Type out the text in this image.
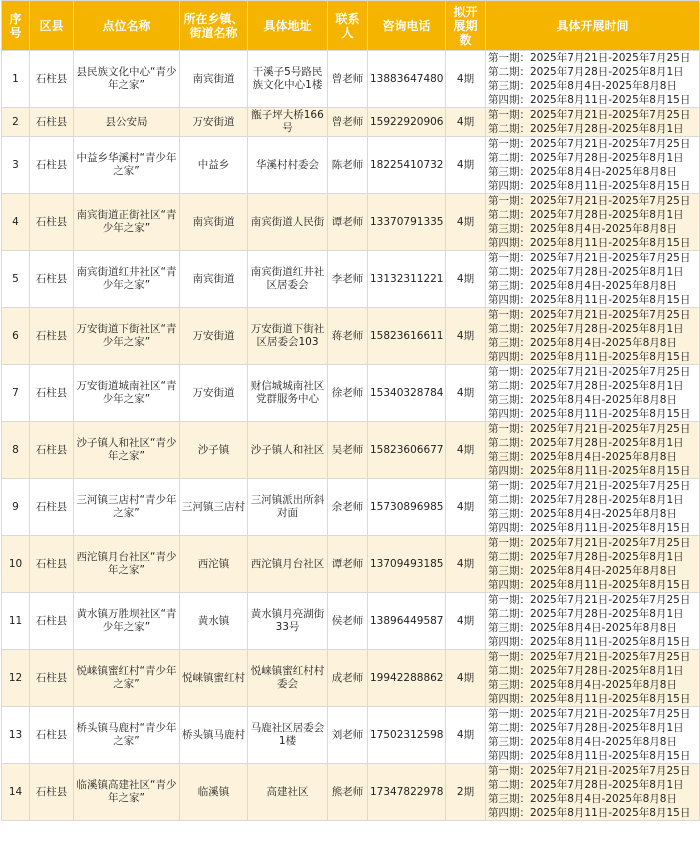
序号	区县	点位名称	所在乡镇、街道名称	具体地址	联系人	咨询电话	拟开展期数	具体开展时间
1	石柱县	县民族文化中心“青少年之家”	南宾街道	干溪子5号路民族文化中心1楼	曾老师	13883647480	4期	第一期：2025年7月21日-2025年7月25日
第二期：2025年7月28日-2025年8月1日
第三期：2025年8月4日-2025年8月8日
第四期：2025年8月11日-2025年8月15日

2	石柱县	县公安局	万安街道	甑子坪大桥166号	曾老师	15922920906	4期	第一期：2025年7月21日-2025年7月25日
第二期：2025年7月28日-2025年8月1日

3	石柱县	中益乡华溪村“青少年之家”	中益乡	华溪村村委会	陈老师	18225410732	4期	第一期：2025年7月21日-2025年7月25日
第二期：2025年7月28日-2025年8月1日
第三期：2025年8月4日-2025年8月8日
第四期：2025年8月11日-2025年8月15日

4	石柱县	南宾街道正街社区“青少年之家”	南宾街道	南宾街道人民街	谭老师	13370791335	4期	第一期：2025年7月21日-2025年7月25日
第二期：2025年7月28日-2025年8月1日
第三期：2025年8月4日-2025年8月8日
第四期：2025年8月11日-2025年8月15日

5	石柱县	南宾街道红井社区“青少年之家”	南宾街道	南宾街道红井社区居委会	李老师	13132311221	4期	第一期：2025年7月21日-2025年7月25日
第二期：2025年7月28日-2025年8月1日
第三期：2025年8月4日-2025年8月8日
第四期：2025年8月11日-2025年8月15日

6	石柱县	万安街道下街社区“青少年之家”	万安街道	万安街道下街社区居委会103	蒋老师	15823616611	4期	第一期：2025年7月21日-2025年7月25日
第二期：2025年7月28日-2025年8月1日
第三期：2025年8月4日-2025年8月8日
第四期：2025年8月11日-2025年8月15日

7	石柱县	万安街道城南社区“青少年之家”	万安街道	财信城城南社区党群服务中心	徐老师	15340328784	4期	第一期：2025年7月21日-2025年7月25日
第二期：2025年7月28日-2025年8月1日
第三期：2025年8月4日-2025年8月8日
第四期：2025年8月11日-2025年8月15日

8	石柱县	沙子镇人和社区“青少年之家”	沙子镇	沙子镇人和社区	吴老师	15823606677	4期	第一期：2025年7月21日-2025年7月25日
第二期：2025年7月28日-2025年8月1日
第三期：2025年8月4日-2025年8月8日
第四期：2025年8月11日-2025年8月15日

9	石柱县	三河镇三店村“青少年之家”	三河镇三店村	三河镇派出所斜对面	余老师	15730896985	4期	第一期：2025年7月21日-2025年7月25日
第二期：2025年7月28日-2025年8月1日
第三期：2025年8月4日-2025年8月8日
第四期：2025年8月11日-2025年8月15日

10	石柱县	西沱镇月台社区“青少年之家”	西沱镇	西沱镇月台社区	谭老师	13709493185	4期	第一期：2025年7月21日-2025年7月25日
第二期：2025年7月28日-2025年8月1日
第三期：2025年8月4日-2025年8月8日
第四期：2025年8月11日-2025年8月15日

11	石柱县	黄水镇万胜坝社区“青少年之家”	黄水镇	黄水镇月亮湖街33号	侯老师	13896449587	4期	第一期：2025年7月21日-2025年7月25日
第二期：2025年7月28日-2025年8月1日
第三期：2025年8月4日-2025年8月8日
第四期：2025年8月11日-2025年8月15日

12	石柱县	悦崃镇蜜红村“青少年之家”	悦崃镇蜜红村	悦崃镇蜜红村村委会	成老师	19942288862	4期	第一期：2025年7月21日-2025年7月25日
第二期：2025年7月28日-2025年8月1日
第三期：2025年8月4日-2025年8月8日
第四期：2025年8月11日-2025年8月15日

13	石柱县	桥头镇马鹿村“青少年之家”	桥头镇马鹿村	马鹿社区居委会1楼	刘老师	17502312598	4期	第一期：2025年7月21日-2025年7月25日
第二期：2025年7月28日-2025年8月1日
第三期：2025年8月4日-2025年8月8日
第四期：2025年8月11日-2025年8月15日

14	石柱县	临溪镇高建社区“青少年之家”	临溪镇	高建社区	熊老师	17347822978	2期	第一期：2025年7月21日-2025年7月25日
第二期：2025年7月28日-2025年8月1日
第三期：2025年8月4日-2025年8月8日
第四期：2025年8月11日-2025年8月15日
